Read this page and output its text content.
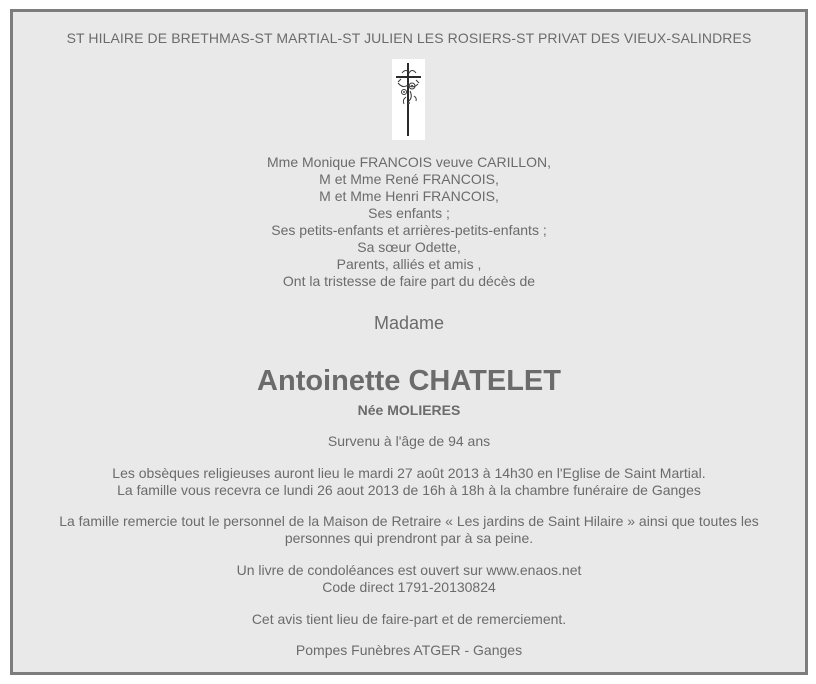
ST HILAIRE DE BRETHMAS-ST MARTIAL-ST JULIEN LES ROSIERS-ST PRIVAT DES VIEUX-SALINDRES
Mme Monique FRANCOIS veuve CARILLON,
M et Mme René FRANCOIS,
M et Mme Henri FRANCOIS,
Ses enfants ;
Ses petits-enfants et arrières-petits-enfants ;
Sa sœur Odette,
Parents, alliés et amis ,
Ont la tristesse de faire part du décès de
Madame
Antoinette CHATELET
Née MOLIERES
Survenu à l'âge de 94 ans
Les obsèques religieuses auront lieu le mardi 27 août 2013 à 14h30 en l'Eglise de Saint Martial.
La famille vous recevra ce lundi 26 aout 2013 de 16h à 18h à la chambre funéraire de Ganges
La famille remercie tout le personnel de la Maison de Retraire « Les jardins de Saint Hilaire » ainsi que toutes les
personnes qui prendront par à sa peine.
Un livre de condoléances est ouvert sur www.enaos.net
Code direct 1791-20130824
Cet avis tient lieu de faire-part et de remerciement.
Pompes Funèbres ATGER - Ganges
